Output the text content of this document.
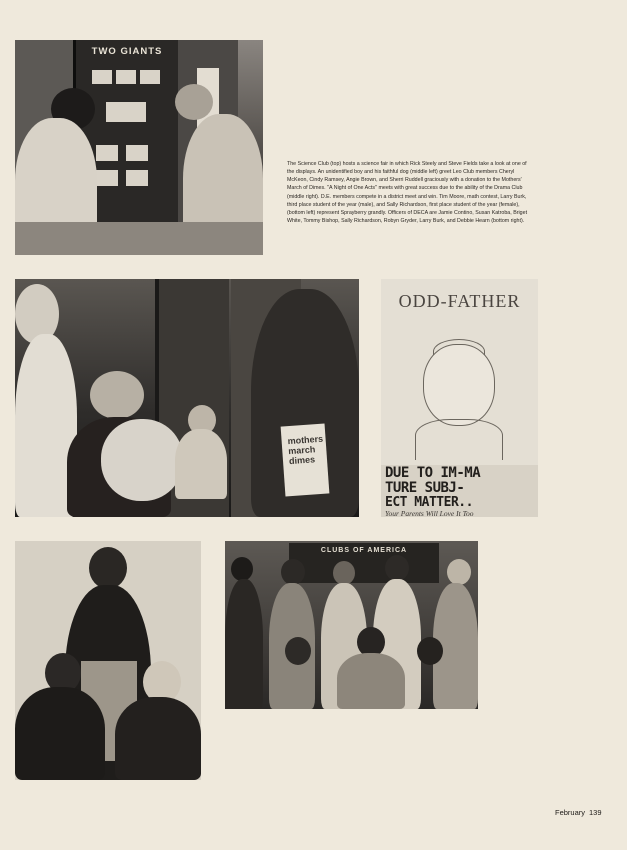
TWO GIANTS
The Science Club (top) hosts a science fair in which Rick Steely and Steve Fields take a look at one of the displays. An unidentified boy and his faithful dog (middle left) greet Leo Club members Cheryl McKeon, Cindy Ramsey, Angie Brown, and Sherri Ruddell graciously with a donation to the Mothers' March of Dimes. ''A Night of One Acts'' meets with great success due to the ability of the Drama Club (middle right). D.E. members compete in a district meet and win. Tim Moore, math contest, Larry Burk, third place student of the year (male), and Sally Richardson, first place student of the year (female), (bottom left) represent Sprayberry grandly. Officers of DECA are Jamie Contino, Susan Katroba, Briget White, Tommy Bishop, Sally Richardson, Robyn Gryder, Larry Burk, and Debbie Hearn (bottom right).
mothers
march
dimes
ODD-FATHER
DUE TO IM-MA
TURE SUBJ-
ECT MATTER..
Your Parents Will Love It Too
CLUBS OF AMERICA
February 139
